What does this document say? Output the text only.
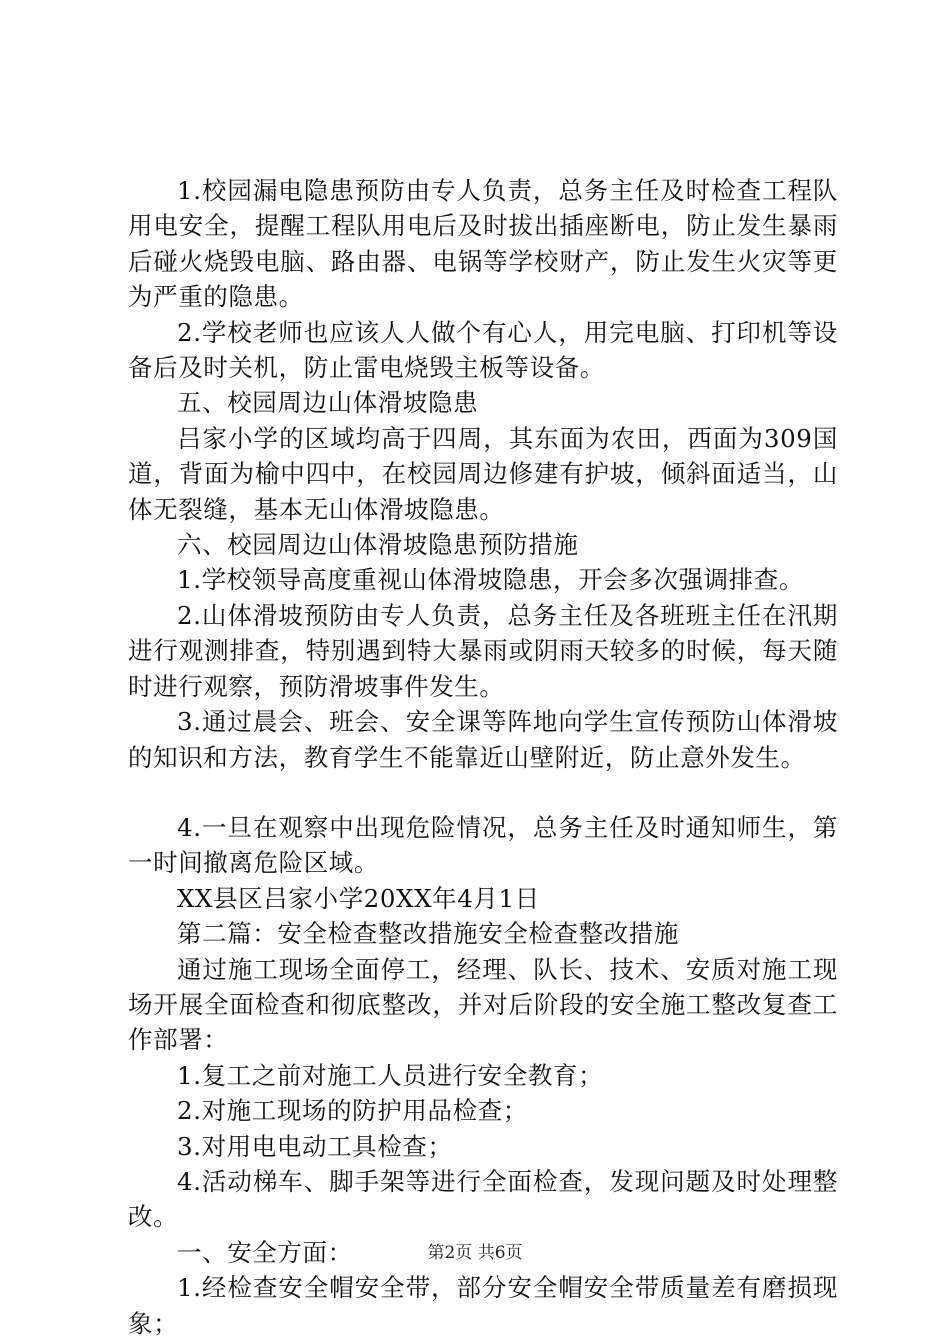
1.校园漏电隐患预防由专人负责，总务主任及时检查工程队用电安全，提醒工程队用电后及时拔出插座断电，防止发生暴雨后碰火烧毁电脑、路由器、电锅等学校财产，防止发生火灾等更为严重的隐患。

2.学校老师也应该人人做个有心人，用完电脑、打印机等设备后及时关机，防止雷电烧毁主板等设备。

五、校园周边山体滑坡隐患

吕家小学的区域均高于四周，其东面为农田，西面为309国道，背面为榆中四中，在校园周边修建有护坡，倾斜面适当，山体无裂缝，基本无山体滑坡隐患。

六、校园周边山体滑坡隐患预防措施

1.学校领导高度重视山体滑坡隐患，开会多次强调排查。

2.山体滑坡预防由专人负责，总务主任及各班班主任在汛期进行观测排查，特别遇到特大暴雨或阴雨天较多的时候，每天随时进行观察，预防滑坡事件发生。

3.通过晨会、班会、安全课等阵地向学生宣传预防山体滑坡的知识和方法，教育学生不能靠近山壁附近，防止意外发生。

4.一旦在观察中出现危险情况，总务主任及时通知师生，第一时间撤离危险区域。

XX县区吕家小学20XX年4月1日

第二篇：安全检查整改措施安全检查整改措施

通过施工现场全面停工，经理、队长、技术、安质对施工现场开展全面检查和彻底整改，并对后阶段的安全施工整改复查工作部署：

1.复工之前对施工人员进行安全教育；

2.对施工现场的防护用品检查；

3.对用电电动工具检查；

4.活动梯车、脚手架等进行全面检查，发现问题及时处理整改。

一、安全方面：

1.经检查安全帽安全带，部分安全帽安全带质量差有磨损现象；

第2页 共6页
